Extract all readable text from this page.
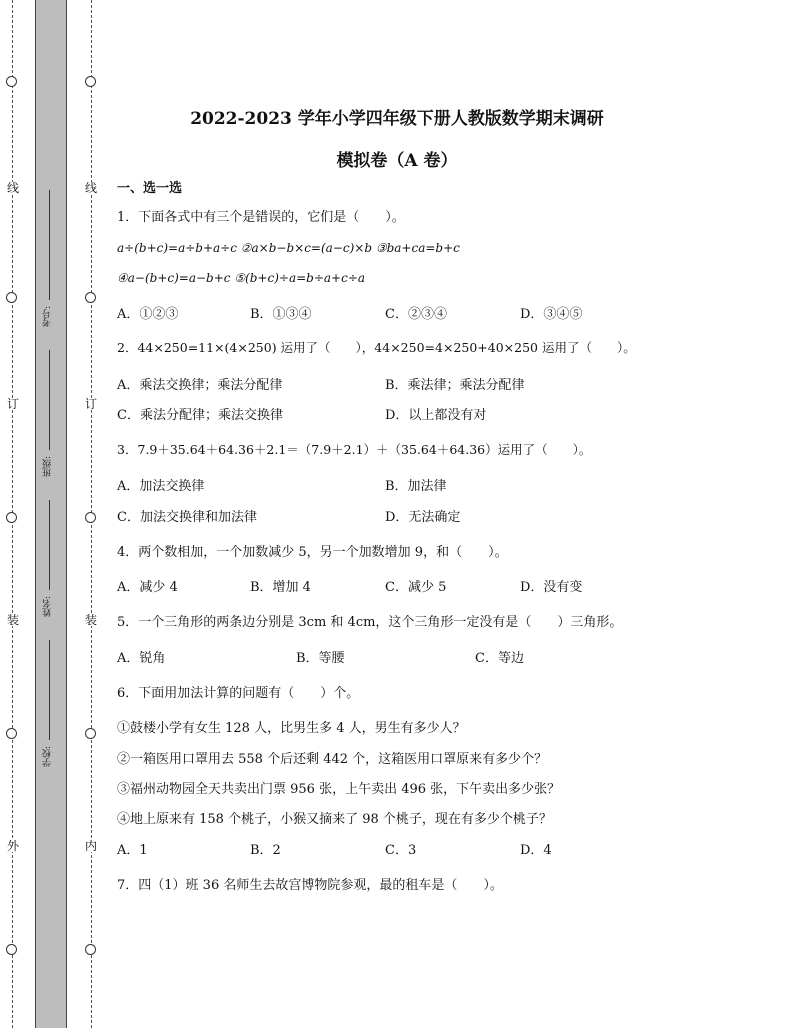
线
订
装
外
线
订
装
内
考号:
班级:
姓名:
学校:
2022-2023 学年小学四年级下册人教版数学期末调研
模拟卷（A 卷）
一、选一选
1．下面各式中有三个是错误的，它们是（　　）。
a÷(b+c)=a÷b+a÷c ②a×b−b×c=(a−c)×b ③ba+ca=b+c
④a−(b+c)=a−b+c ⑤(b+c)÷a=b÷a+c÷a
A．①②③	B．①③④	C．②③④	D．③④⑤
2．44×250=11×(4×250) 运用了（　　），44×250=4×250+40×250 运用了（　　）。
A．乘法交换律；乘法分配律	B．乘法律；乘法分配律
C．乘法分配律；乘法交换律	D．以上都没有对
3．7.9＋35.64＋64.36＋2.1＝（7.9＋2.1）＋（35.64＋64.36）运用了（　　）。
A．加法交换律	B．加法律
C．加法交换律和加法律	D．无法确定
4．两个数相加，一个加数减少 5，另一个加数增加 9，和（　　）。
A．减少 4	B．增加 4	C．减少 5	D．没有变
5．一个三角形的两条边分别是 3cm 和 4cm，这个三角形一定没有是（　　）三角形。
A．锐角	B．等腰	C．等边
6．下面用加法计算的问题有（　　）个。
①鼓楼小学有女生 128 人，比男生多 4 人，男生有多少人？
②一箱医用口罩用去 558 个后还剩 442 个，这箱医用口罩原来有多少个？
③福州动物园全天共卖出门票 956 张，上午卖出 496 张，下午卖出多少张？
④地上原来有 158 个桃子，小猴又摘来了 98 个桃子，现在有多少个桃子？
A．1	B．2	C．3	D．4
7．四（1）班 36 名师生去故宫博物院参观，最的租车是（　　）。
